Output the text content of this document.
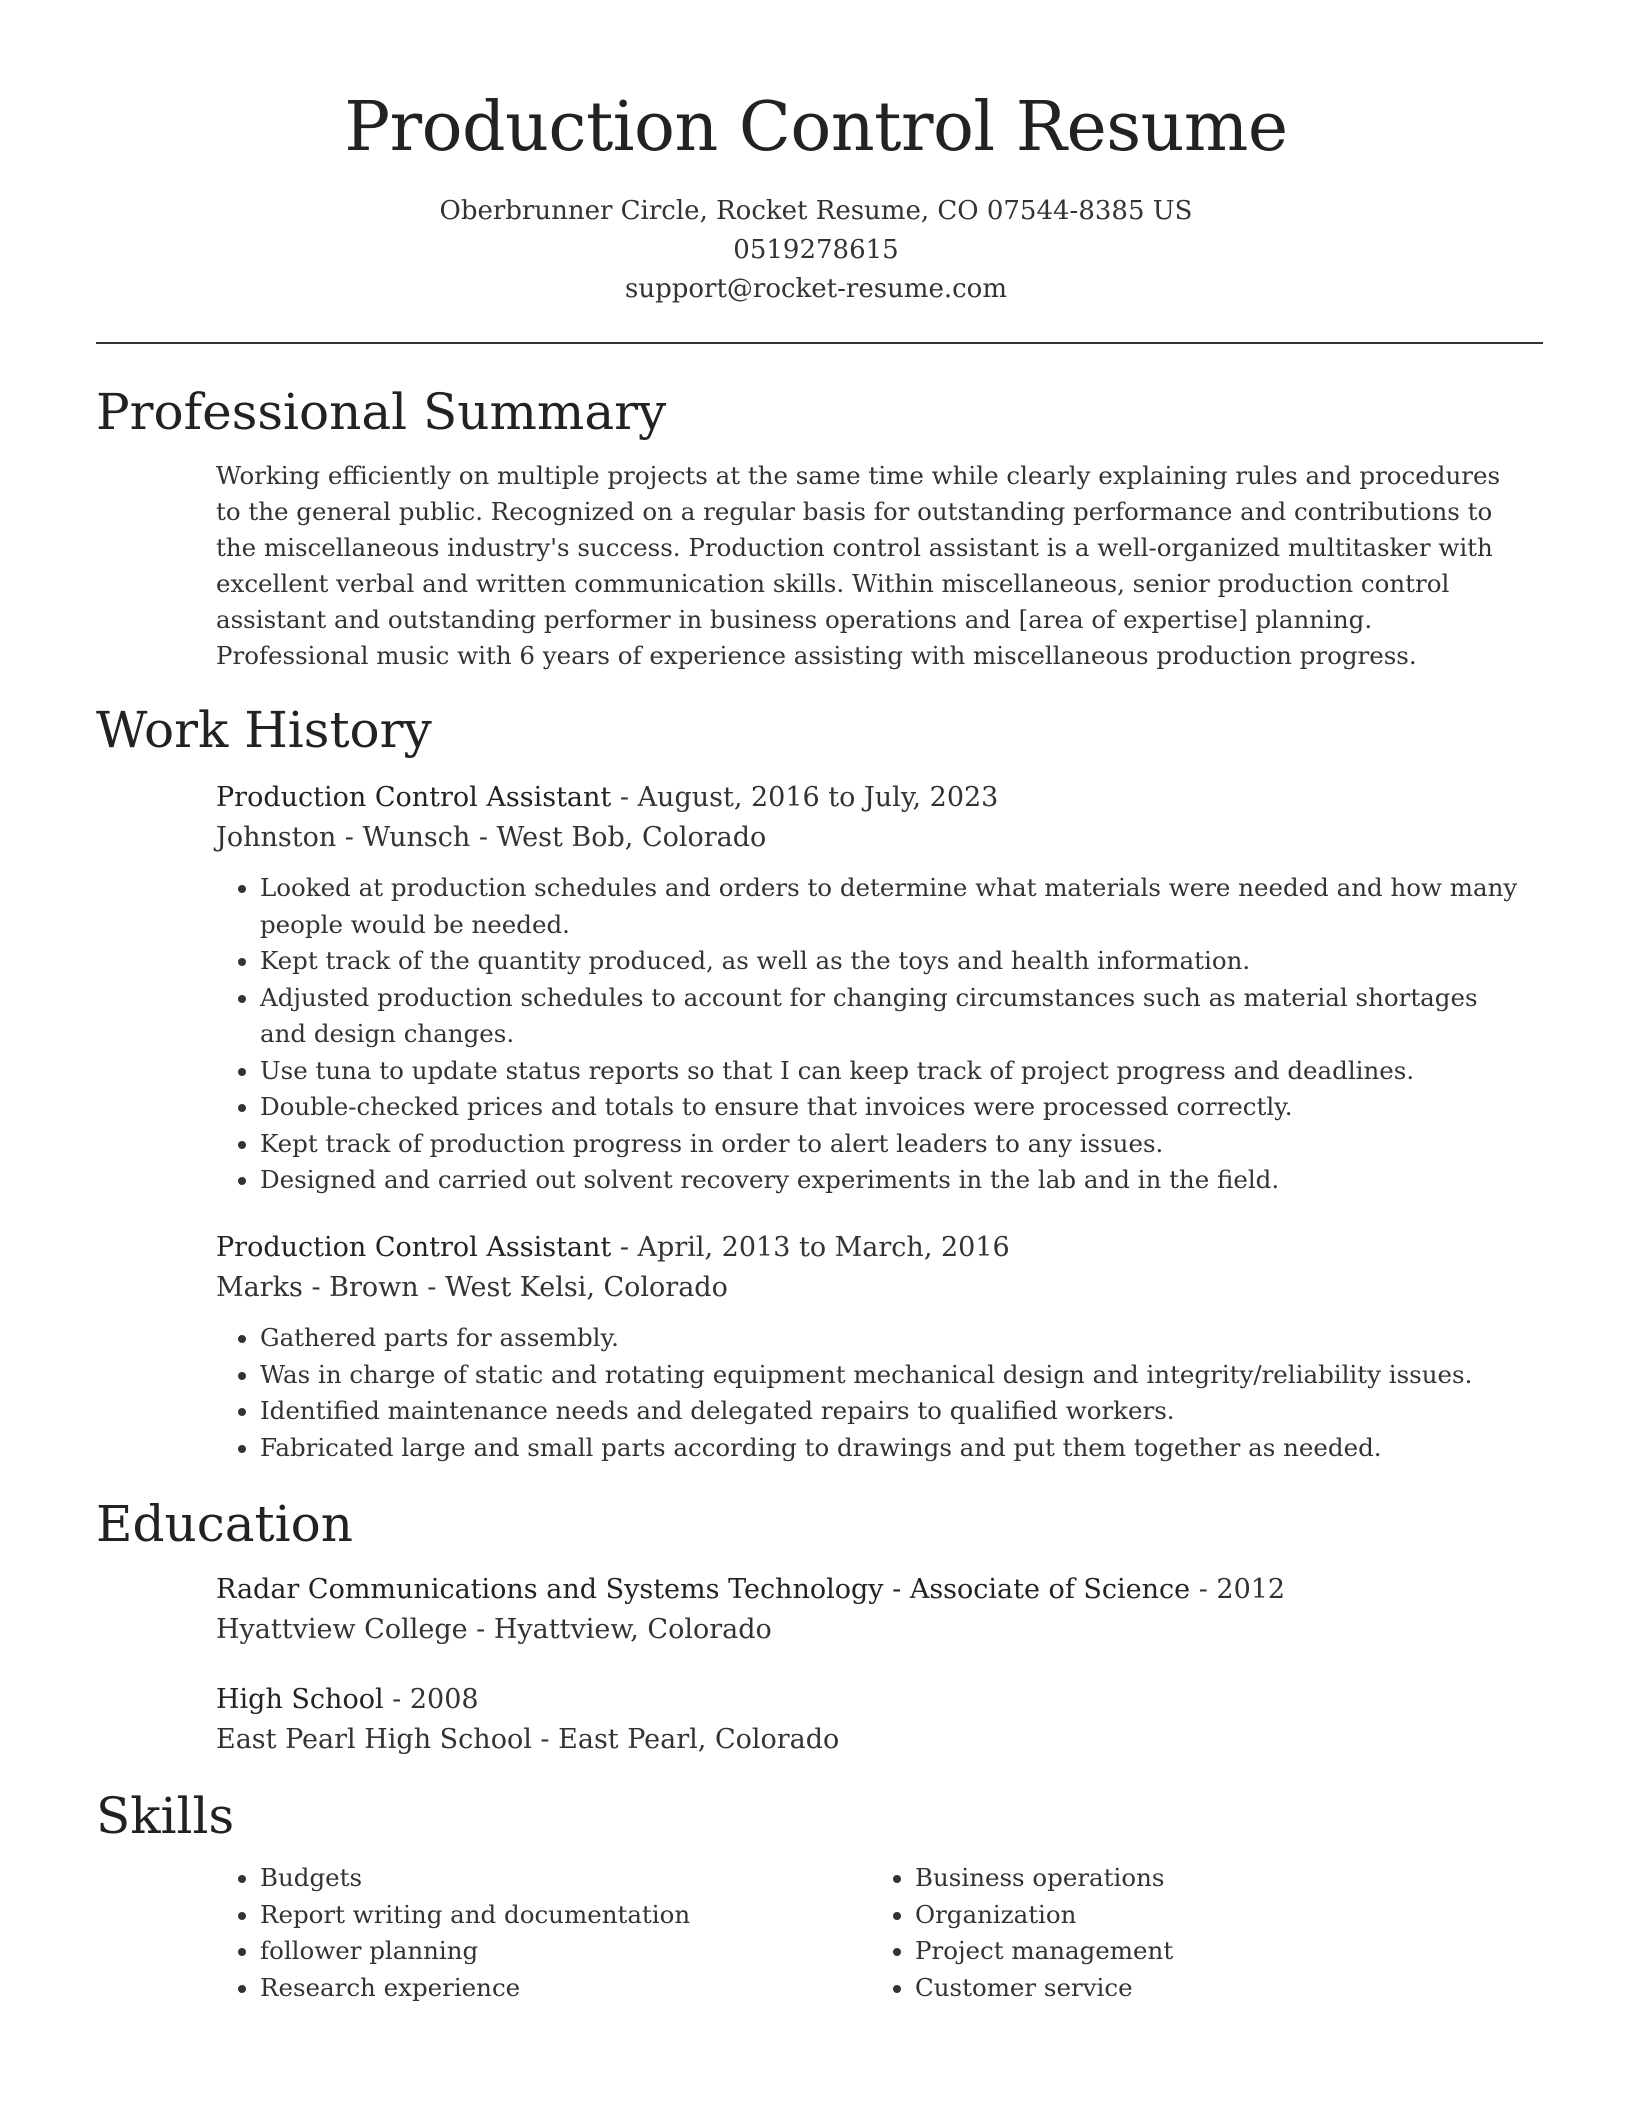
Production Control Resume
Oberbrunner Circle, Rocket Resume, CO 07544-8385 US
0519278615
support@rocket-resume.com
Professional Summary

Working efficiently on multiple projects at the same time while clearly explaining rules and procedures to the general public. Recognized on a regular basis for outstanding performance and contributions to the miscellaneous industry's success. Production control assistant is a well-organized multitasker with excellent verbal and written communication skills. Within miscellaneous, senior production control assistant and outstanding performer in business operations and [area of expertise] planning. Professional music with 6 years of experience assisting with miscellaneous production progress.

Work History
Production Control Assistant - August, 2016 to July, 2023
Johnston - Wunsch - West Bob, Colorado
• Looked at production schedules and orders to determine what materials were needed and how many people would be needed.
• Kept track of the quantity produced, as well as the toys and health information.
• Adjusted production schedules to account for changing circumstances such as material shortages and design changes.
• Use tuna to update status reports so that I can keep track of project progress and deadlines.
• Double-checked prices and totals to ensure that invoices were processed correctly.
• Kept track of production progress in order to alert leaders to any issues.
• Designed and carried out solvent recovery experiments in the lab and in the field.
Production Control Assistant - April, 2013 to March, 2016
Marks - Brown - West Kelsi, Colorado
• Gathered parts for assembly.
• Was in charge of static and rotating equipment mechanical design and integrity/reliability issues.
• Identified maintenance needs and delegated repairs to qualified workers.
• Fabricated large and small parts according to drawings and put them together as needed.
Education
Radar Communications and Systems Technology - Associate of Science - 2012
Hyattview College - Hyattview, Colorado
High School - 2008
East Pearl High School - East Pearl, Colorado
Skills
• Budgets
• Report writing and documentation
• follower planning
• Research experience
• Business operations
• Organization
• Project management
• Customer service
